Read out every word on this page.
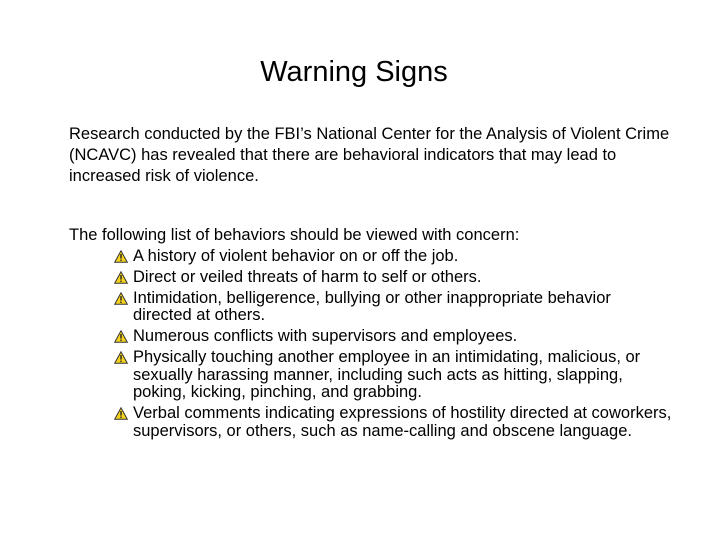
Warning Signs

Research conducted by the FBI’s National Center for the Analysis of Violent Crime (NCAVC) has revealed that there are behavioral indicators that may lead to increased risk of violence.

The following list of behaviors should be viewed with concern:

A history of violent behavior on or off the job.
Direct or veiled threats of harm to self or others.
Intimidation, belligerence, bullying or other inappropriate behavior directed at others.
Numerous conflicts with supervisors and employees.
Physically touching another employee in an intimidating, malicious, or sexually harassing manner, including such acts as hitting, slapping, poking, kicking, pinching, and grabbing.
Verbal comments indicating expressions of hostility directed at coworkers, supervisors, or others, such as name-calling and obscene language.
